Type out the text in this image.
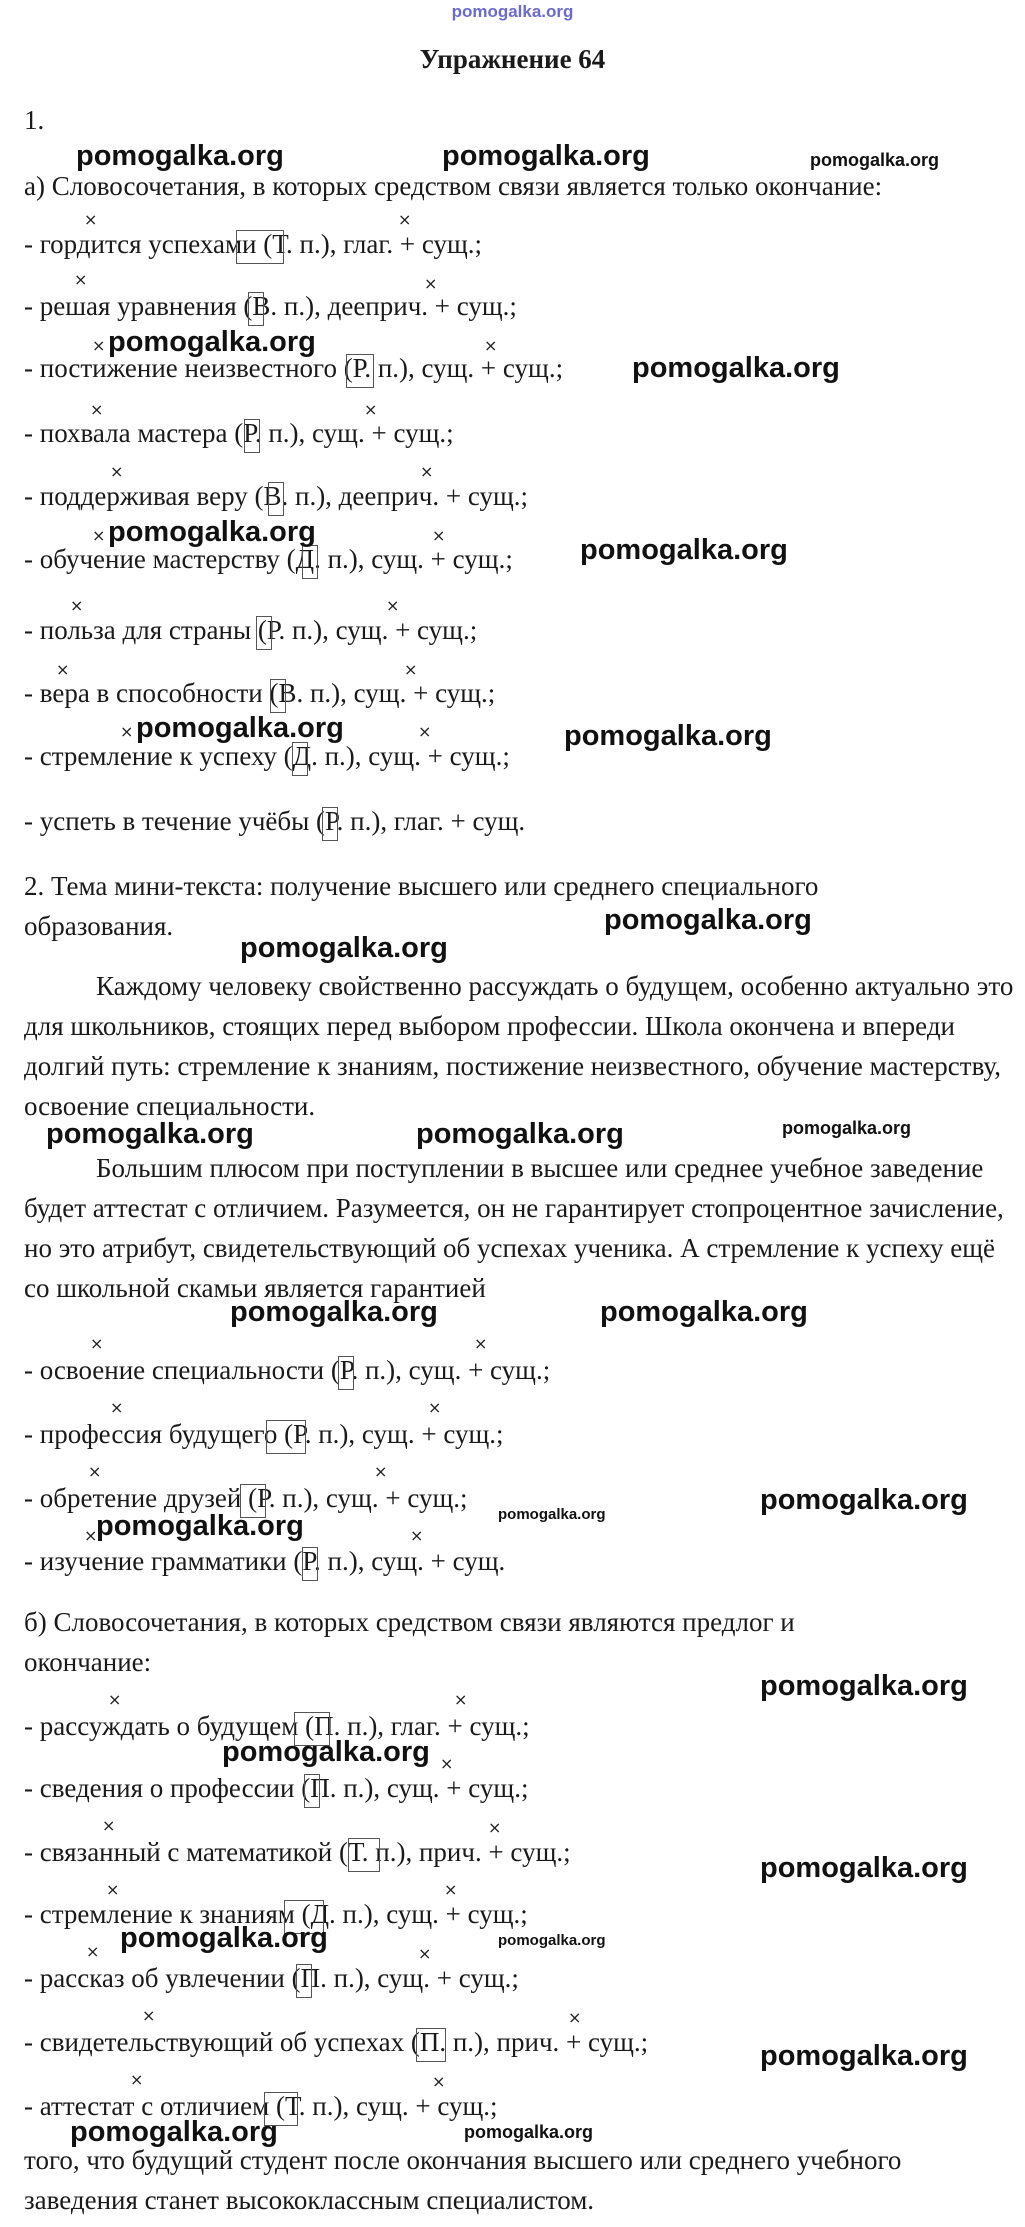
pomogalka.org
Упражнение 64
1.
а) Словосочетания, в которых средством связи является только окончание:
- гордится успехами (Т. п.), глаг. + сущ.;
- решая уравнения (В. п.), дееприч. + сущ.;
- постижение неизвестного (Р. п.), сущ. + сущ.;
- похвала мастера (Р. п.), сущ. + сущ.;
- поддерживая веру (В. п.), дееприч. + сущ.;
- обучение мастерству (Д. п.), сущ. + сущ.;
- польза для страны (Р. п.), сущ. + сущ.;
- вера в способности (В. п.), сущ. + сущ.;
- стремление к успеху (Д. п.), сущ. + сущ.;
- успеть в течение учёбы (Р. п.), глаг. + сущ.
2. Тема мини-текста: получение высшего или среднего специального
образования.
Каждому человеку свойственно рассуждать о будущем, особенно актуально это для школьников, стоящих перед выбором профессии. Школа окончена и впереди долгий путь: стремление к знаниям, постижение неизвестного, обучение мастерству, освоение специальности.
Большим плюсом при поступлении в высшее или среднее учебное заведение будет аттестат с отличием. Разумеется, он не гарантирует стопроцентное зачисление, но это атрибут, свидетельствующий об успехах ученика. А стремление к успеху ещё со школьной скамьи является гарантией
- освоение специальности (Р. п.), сущ. + сущ.;
- профессия будущего (Р. п.), сущ. + сущ.;
- обретение друзей (Р. п.), сущ. + сущ.;
- изучение грамматики (Р. п.), сущ. + сущ.
б) Словосочетания, в которых средством связи являются предлог и
окончание:
- рассуждать о будущем (П. п.), глаг. + сущ.;
- сведения о профессии (П. п.), сущ. + сущ.;
- связанный с математикой (Т. п.), прич. + сущ.;
- стремление к знаниям (Д. п.), сущ. + сущ.;
- рассказ об увлечении (П. п.), сущ. + сущ.;
- свидетельствующий об успехах (П. п.), прич. + сущ.;
- аттестат с отличием (Т. п.), сущ. + сущ.;
того, что будущий студент после окончания высшего или среднего учебного
заведения станет высококлассным специалистом.
×	×
×	×
×	×
×	×
×	×
×	×
×	×
×	×
×	×
×	×
×	×
×	×
×	×
×	×
×
×	×
×	×
×	×
×	×
×	×
pomogalka.org	pomogalka.org	pomogalka.org
pomogalka.org
pomogalka.org
pomogalka.org
pomogalka.org
pomogalka.org	pomogalka.org
pomogalka.org
pomogalka.org
pomogalka.org	pomogalka.org	pomogalka.org
pomogalka.org	pomogalka.org
pomogalka.org
pomogalka.org
pomogalka.org
pomogalka.org
pomogalka.org
pomogalka.org
pomogalka.org	pomogalka.org
pomogalka.org
pomogalka.org	pomogalka.org
